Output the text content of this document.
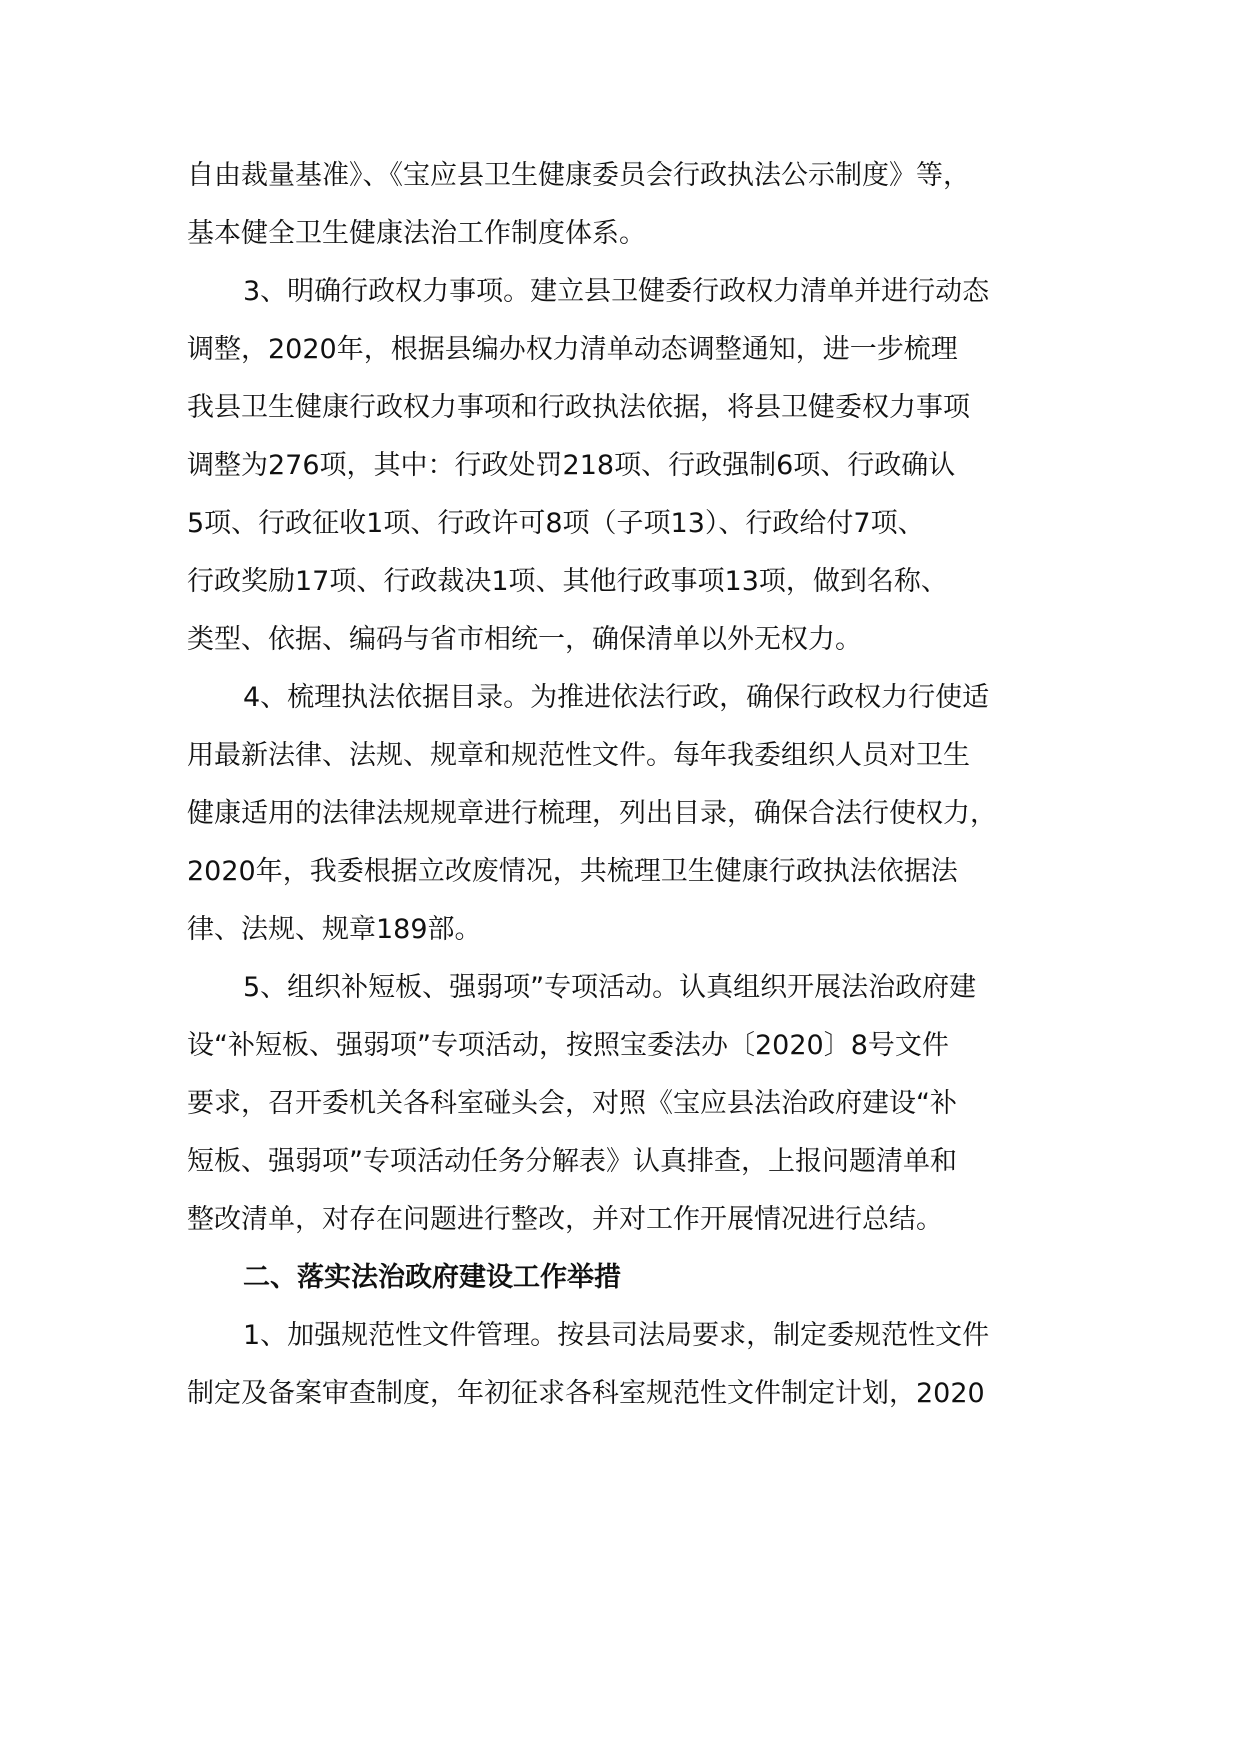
自由裁量基准》、《宝应县卫生健康委员会行政执法公示制度》等，
基本健全卫生健康法治工作制度体系。
3、明确行政权力事项。建立县卫健委行政权力清单并进行动态
调整，2020年，根据县编办权力清单动态调整通知，进一步梳理
我县卫生健康行政权力事项和行政执法依据，将县卫健委权力事项
调整为276项，其中：行政处罚218项、行政强制6项、行政确认
5项、行政征收1项、行政许可8项（子项13）、行政给付7项、
行政奖励17项、行政裁决1项、其他行政事项13项，做到名称、
类型、依据、编码与省市相统一，确保清单以外无权力。
4、梳理执法依据目录。为推进依法行政，确保行政权力行使适
用最新法律、法规、规章和规范性文件。每年我委组织人员对卫生
健康适用的法律法规规章进行梳理，列出目录，确保合法行使权力，
2020年，我委根据立改废情况，共梳理卫生健康行政执法依据法
律、法规、规章189部。
5、组织补短板、强弱项”专项活动。认真组织开展法治政府建
设“补短板、强弱项”专项活动，按照宝委法办〔2020〕8号文件
要求，召开委机关各科室碰头会，对照《宝应县法治政府建设“补
短板、强弱项”专项活动任务分解表》认真排查，上报问题清单和
整改清单，对存在问题进行整改，并对工作开展情况进行总结。
二、落实法治政府建设工作举措
1、加强规范性文件管理。按县司法局要求，制定委规范性文件
制定及备案审查制度，年初征求各科室规范性文件制定计划，2020
